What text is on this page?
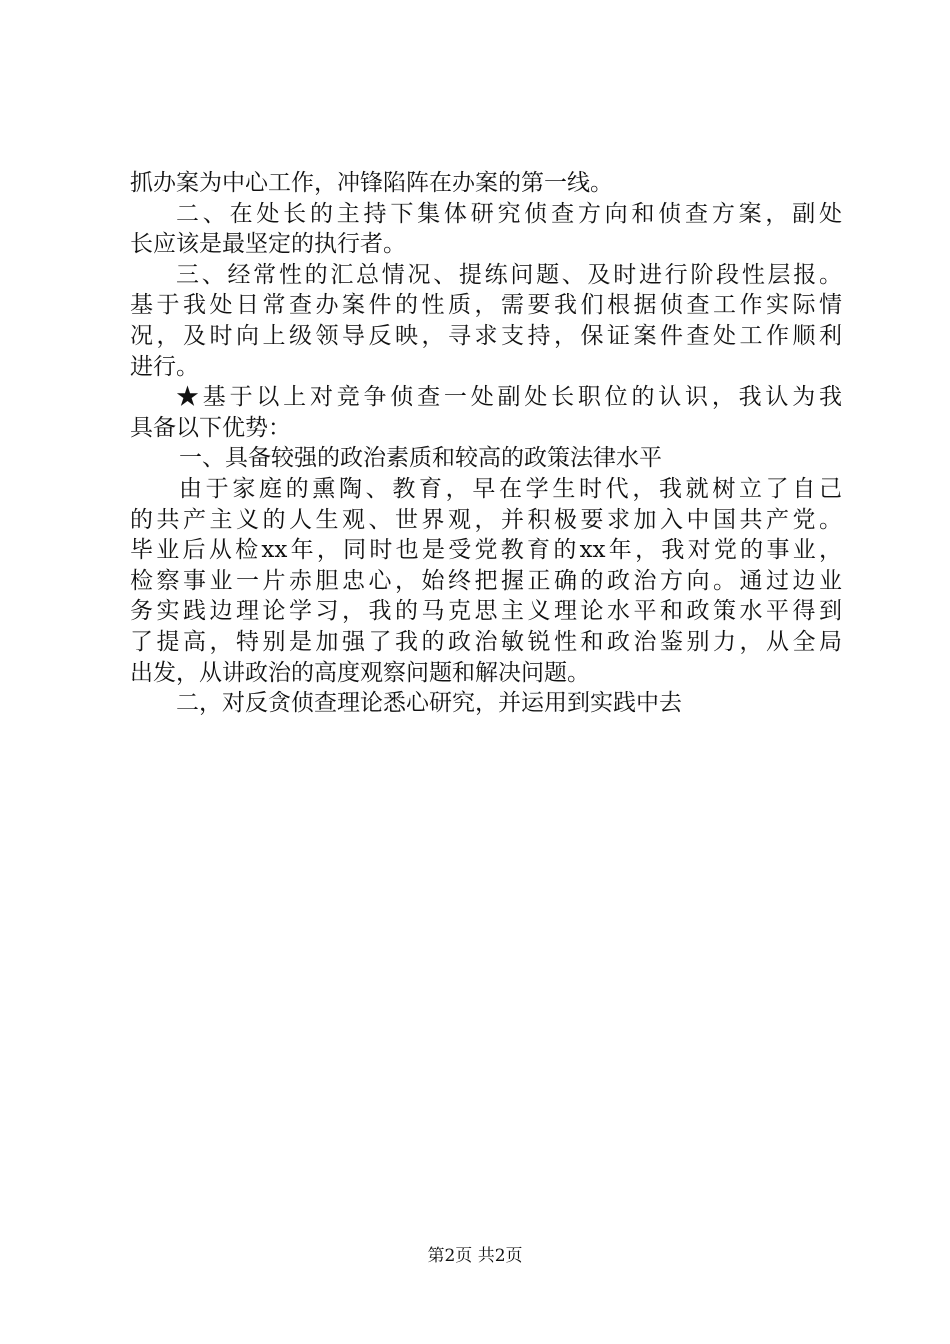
抓办案为中心工作，冲锋陷阵在办案的第一线。
二、在处长的主持下集体研究侦查方向和侦查方案，副处
长应该是最坚定的执行者。
三、经常性的汇总情况、提练问题、及时进行阶段性层报。
基于我处日常查办案件的性质，需要我们根据侦查工作实际情
况，及时向上级领导反映，寻求支持，保证案件查处工作顺利
进行。
★基于以上对竞争侦查一处副处长职位的认识，我认为我
具备以下优势：
一、具备较强的政治素质和较高的政策法律水平
由于家庭的熏陶、教育，早在学生时代，我就树立了自己
的共产主义的人生观、世界观，并积极要求加入中国共产党。
毕业后从检xx年，同时也是受党教育的xx年，我对党的事业，
检察事业一片赤胆忠心，始终把握正确的政治方向。通过边业
务实践边理论学习，我的马克思主义理论水平和政策水平得到
了提高，特别是加强了我的政治敏锐性和政治鉴别力，从全局
出发，从讲政治的高度观察问题和解决问题。
二，对反贪侦查理论悉心研究，并运用到实践中去
第2页 共2页
